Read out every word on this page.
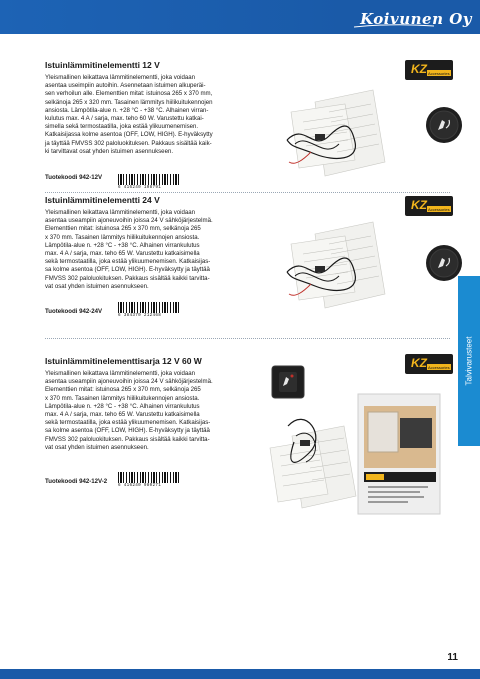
Koivunen Oy
Talvivarusteet
Istuinlämmitinelementti 12 V

Yleismallinen leikattava lämmitinelementti, joka voidaan
asentaa useimpiin autoihin. Asennetaan istuimen alkuperäi-
sen verhoilun alle. Elementtien mitat: istuinosa 265 x 370 mm,
selkänoja 265 x 320 mm. Tasainen lämmitys hiilikuitukennojen
ansiosta. Lämpötila-alue n. +28 °C - +38 °C. Alhainen virran-
kulutus max. 4 A / sarja, max. teho 60 W. Varustettu katkai-
simella sekä termostaatilla, joka estää ylikuumenemisen.
Katkaisijassa kolme asentoa (OFF, LOW, HIGH). E-hyväksytty
ja täyttää FMVSS 302 paloluokituksen. Pakkaus sisältää kaik-
ki tarvittavat osat yhden istuimen asennukseen.

Tuotekoodi 942-12V
6 416240 108791
KZ Accessories
Istuinlämmitinelementti 24 V

Yleismallinen leikattava lämmitinelementti, joka voidaan
asentaa useampiin ajoneuvoihin joissa 24 V sähköjärjestelmä.
Elementtien mitat: istuinosa 265 x 370 mm, selkänoja 265
x 370 mm. Tasainen lämmitys hiilikuitukennojen ansiosta.
Lämpötila-alue n. +28 °C - +38 °C. Alhainen virrankulutus
max. 4 A / sarja, max. teho 65 W. Varustettu katkaisimella
sekä termostaatilla, joka estää ylikuumenemisen. Katkaisijas-
sa kolme asentoa (OFF, LOW, HIGH). E-hyväksytty ja täyttää
FMVSS 302 paloluokituksen. Pakkaus sisältää kaikki tarvitta-
vat osat yhden istuimen asennukseen.

Tuotekoodi 942-24V
6 384370 212468
KZ Accessories
Istuinlämmitinelementtisarja 12 V 60 W

Yleismallinen leikattava lämmitinelementti, joka voidaan
asentaa useampiin ajoneuvoihin joissa 24 V sähköjärjestelmä.
Elementtien mitat: istuinosa 265 x 370 mm, selkänoja 265
x 370 mm. Tasainen lämmitys hiilikuitukennojen ansiosta.
Lämpötila-alue n. +28 °C - +38 °C. Alhainen virrankulutus
max. 4 A / sarja, max. teho 65 W. Varustettu katkaisimella
sekä termostaatilla, joka estää ylikuumenemisen. Katkaisijas-
sa kolme asentoa (OFF, LOW, HIGH). E-hyväksytty ja täyttää
FMVSS 302 paloluokituksen. Pakkaus sisältää kaikki tarvitta-
vat osat yhden istuimen asennukseen.

Tuotekoodi 942-12V-2
6 416240 980271
KZ Accessories
11
